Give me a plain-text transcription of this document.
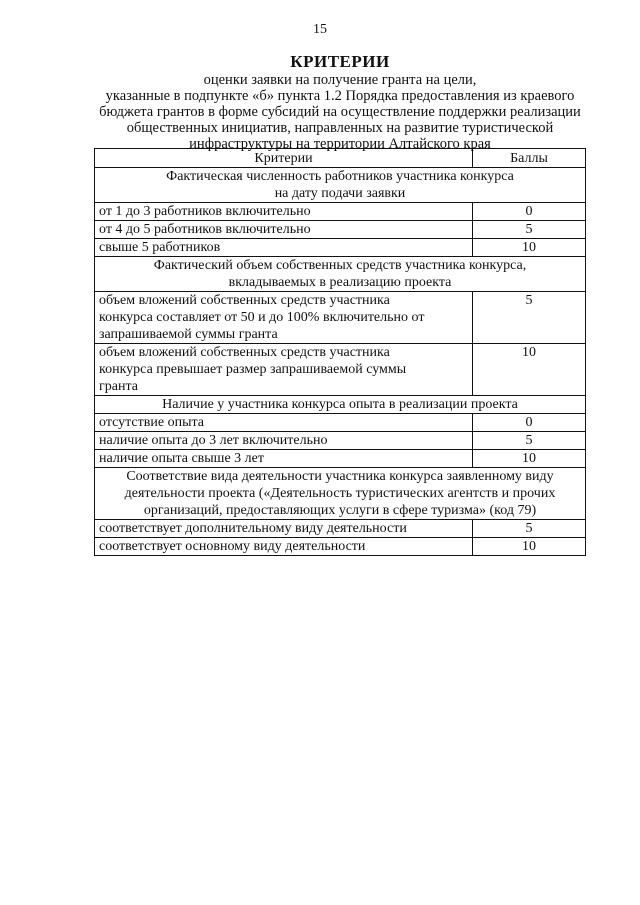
15
КРИТЕРИИ
оценки заявки на получение гранта на цели,
указанные в подпункте «б» пункта 1.2 Порядка предоставления из краевого
бюджета грантов в форме субсидий на осуществление поддержки реализации
общественных инициатив, направленных на развитие туристической
инфраструктуры на территории Алтайского края
Критерии	Баллы

Фактическая численность работников участника конкурса
на дату подачи заявки	

от 1 до 3 работников включительно	0
от 4 до 5 работников включительно	5
свыше 5 работников	10

Фактический объем собственных средств участника конкурса,
вкладываемых в реализацию проекта	

объем вложений собственных средств участника
конкурса составляет от 50 и до 100% включительно от
запрашиваемой суммы гранта	5

объем вложений собственных средств участника
конкурса превышает размер запрашиваемой суммы
гранта	10

Наличие у участника конкурса опыта в реализации проекта	

отсутствие опыта	0
наличие опыта до 3 лет включительно	5
наличие опыта свыше 3 лет	10

Соответствие вида деятельности участника конкурса заявленному виду
деятельности проекта («Деятельность туристических агентств и прочих
организаций, предоставляющих услуги в сфере туризма» (код 79)	

соответствует дополнительному виду деятельности	5
соответствует основному виду деятельности	10
